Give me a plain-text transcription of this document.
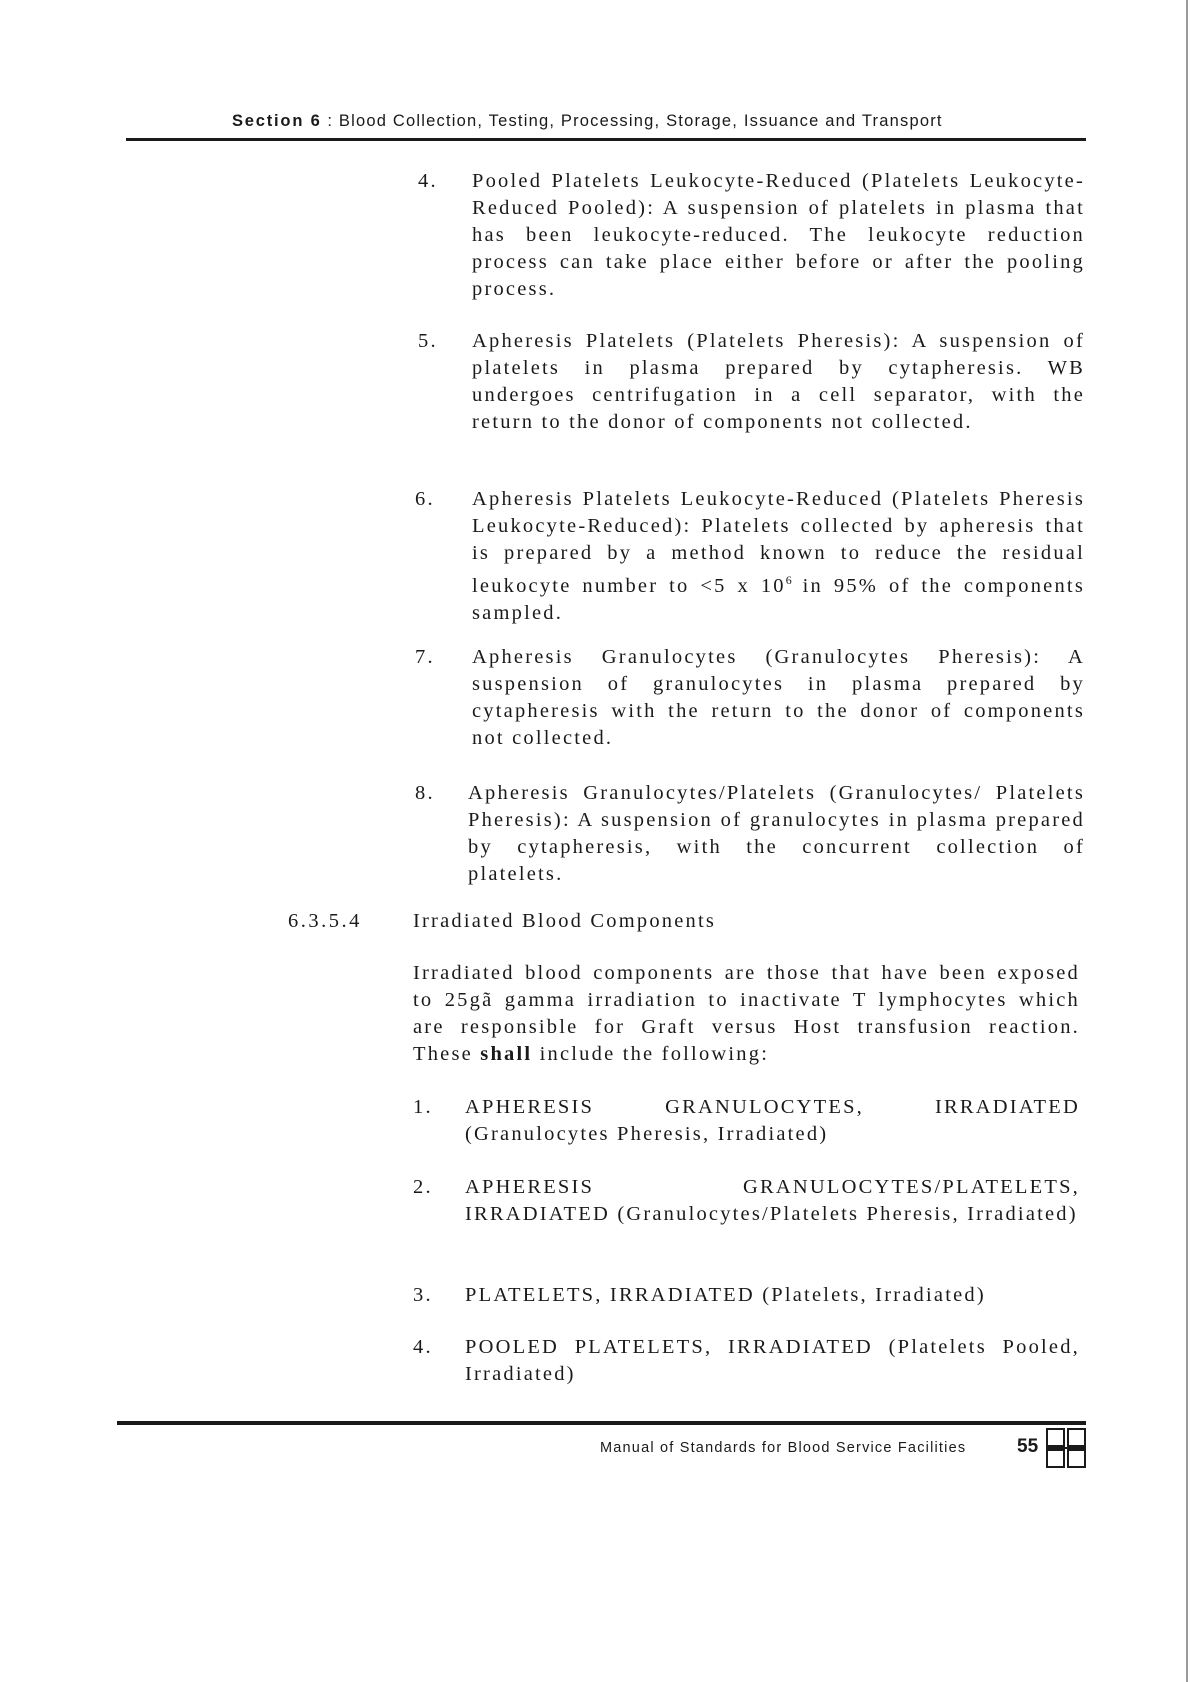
Section 6 : Blood Collection, Testing, Processing, Storage, Issuance and Transport
4. Pooled Platelets Leukocyte-Reduced (Platelets Leukocyte-Reduced Pooled): A suspension of platelets in plasma that has been leukocyte-reduced. The leukocyte reduction process can take place either before or after the pooling process.
5. Apheresis Platelets (Platelets Pheresis): A suspension of platelets in plasma prepared by cytapheresis. WB undergoes centrifugation in a cell separator, with the return to the donor of components not collected.
6. Apheresis Platelets Leukocyte-Reduced (Platelets Pheresis Leukocyte-Reduced): Platelets collected by apheresis that is prepared by a method known to reduce the residual leukocyte number to <5 x $10^6$ in 95% of the components sampled.
7. Apheresis Granulocytes (Granulocytes Pheresis): A suspension of granulocytes in plasma prepared by cytapheresis with the return to the donor of components not collected.
8. Apheresis Granulocytes/Platelets (Granulocytes/ Platelets Pheresis): A suspension of granulocytes in plasma prepared by cytapheresis, with the concurrent collection of platelets.
6.3.5.4 Irradiated Blood Components
Irradiated blood components are those that have been exposed to 25gã gamma irradiation to inactivate T lymphocytes which are responsible for Graft versus Host transfusion reaction. These shall include the following:
1. APHERESIS GRANULOCYTES, IRRADIATED (Granulocytes Pheresis, Irradiated)
2. APHERESIS GRANULOCYTES/PLATELETS, IRRADIATED (Granulocytes/Platelets Pheresis, Irradiated)
3. PLATELETS, IRRADIATED (Platelets, Irradiated)
4. POOLED PLATELETS, IRRADIATED (Platelets Pooled, Irradiated)
Manual of Standards for Blood Service Facilities	55
